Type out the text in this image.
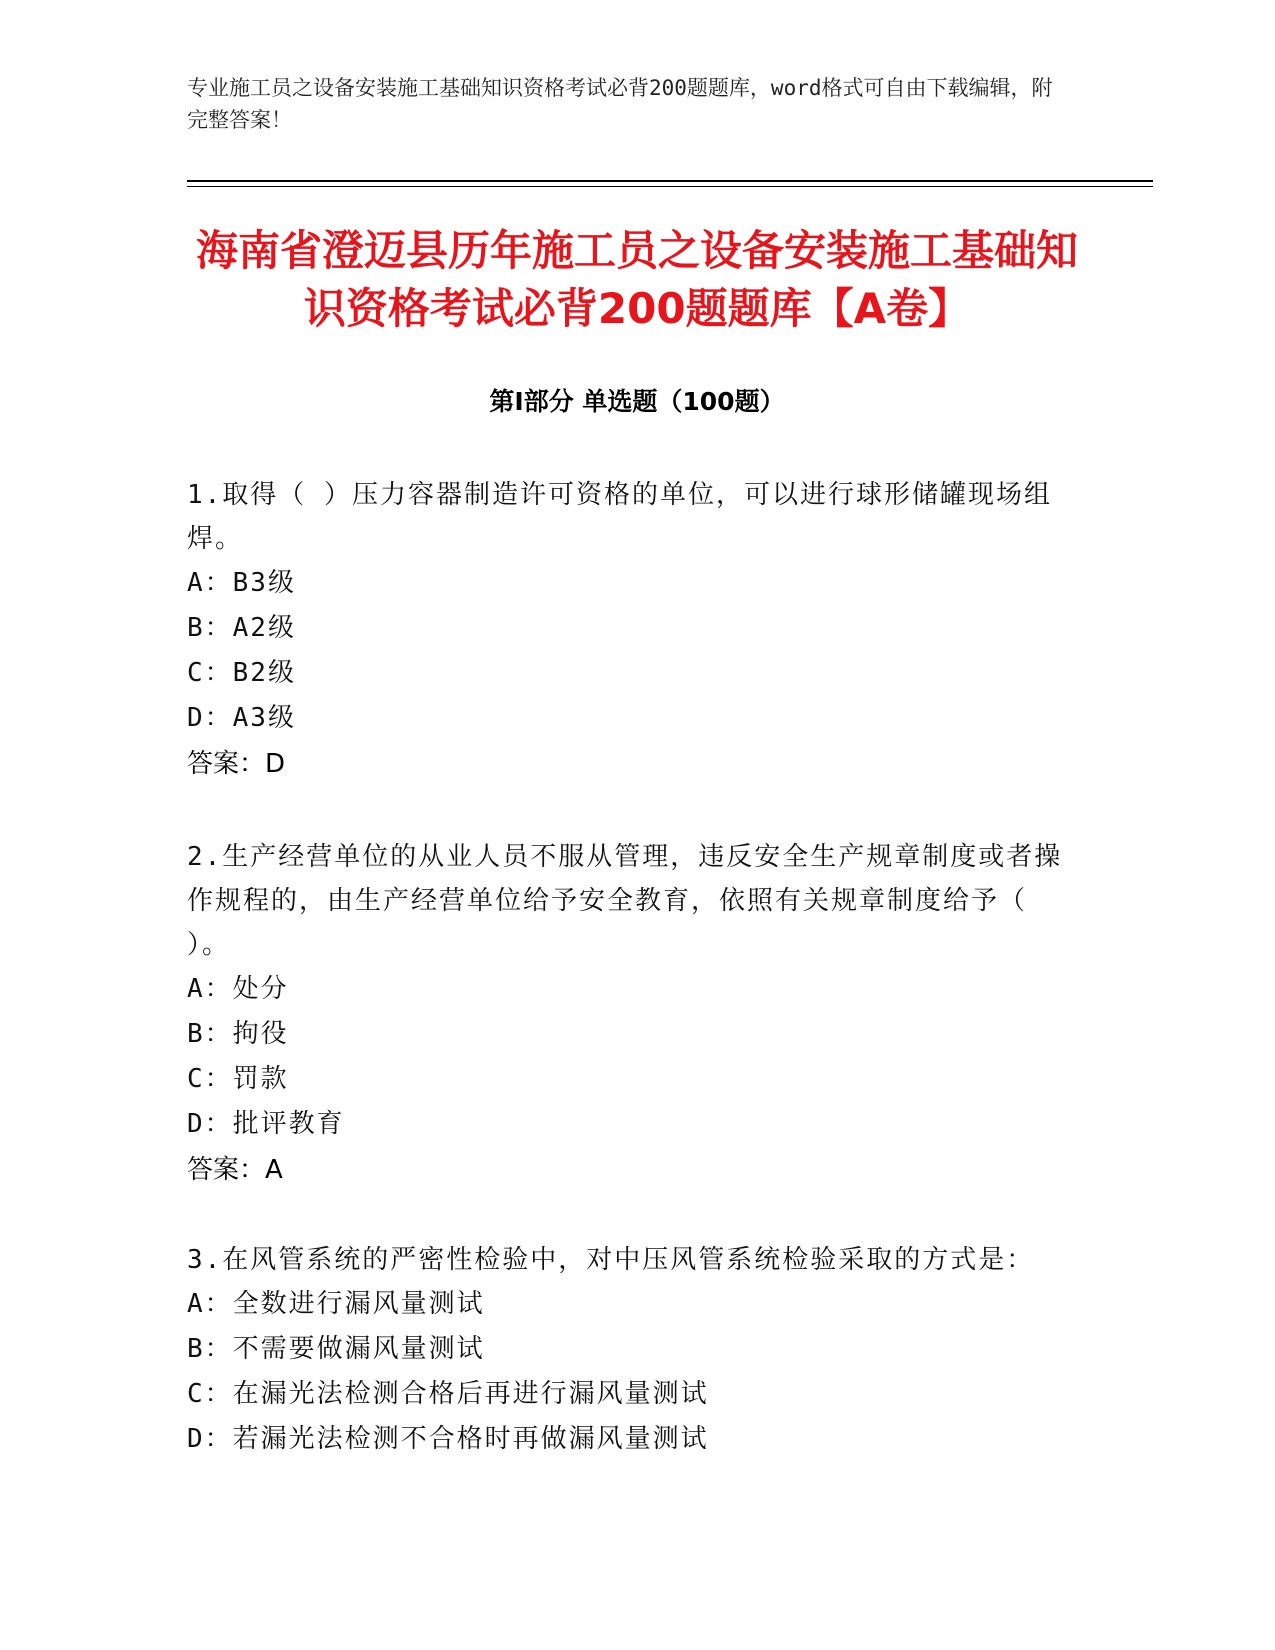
专业施工员之设备安装施工基础知识资格考试必背200题题库，word格式可自由下载编辑，附完整答案！

海南省澄迈县历年施工员之设备安装施工基础知识资格考试必背200题题库【A卷】
第I部分 单选题（100题）

1.取得（ ）压力容器制造许可资格的单位，可以进行球形储罐现场组焊。

A：B3级

B：A2级

C：B2级

D：A3级

答案：D

2.生产经营单位的从业人员不服从管理，违反安全生产规章制度或者操作规程的，由生产经营单位给予安全教育，依照有关规章制度给予（ ）。

A：处分

B：拘役

C：罚款

D：批评教育

答案：A

3.在风管系统的严密性检验中，对中压风管系统检验采取的方式是：

A：全数进行漏风量测试

B：不需要做漏风量测试

C：在漏光法检测合格后再进行漏风量测试

D：若漏光法检测不合格时再做漏风量测试
